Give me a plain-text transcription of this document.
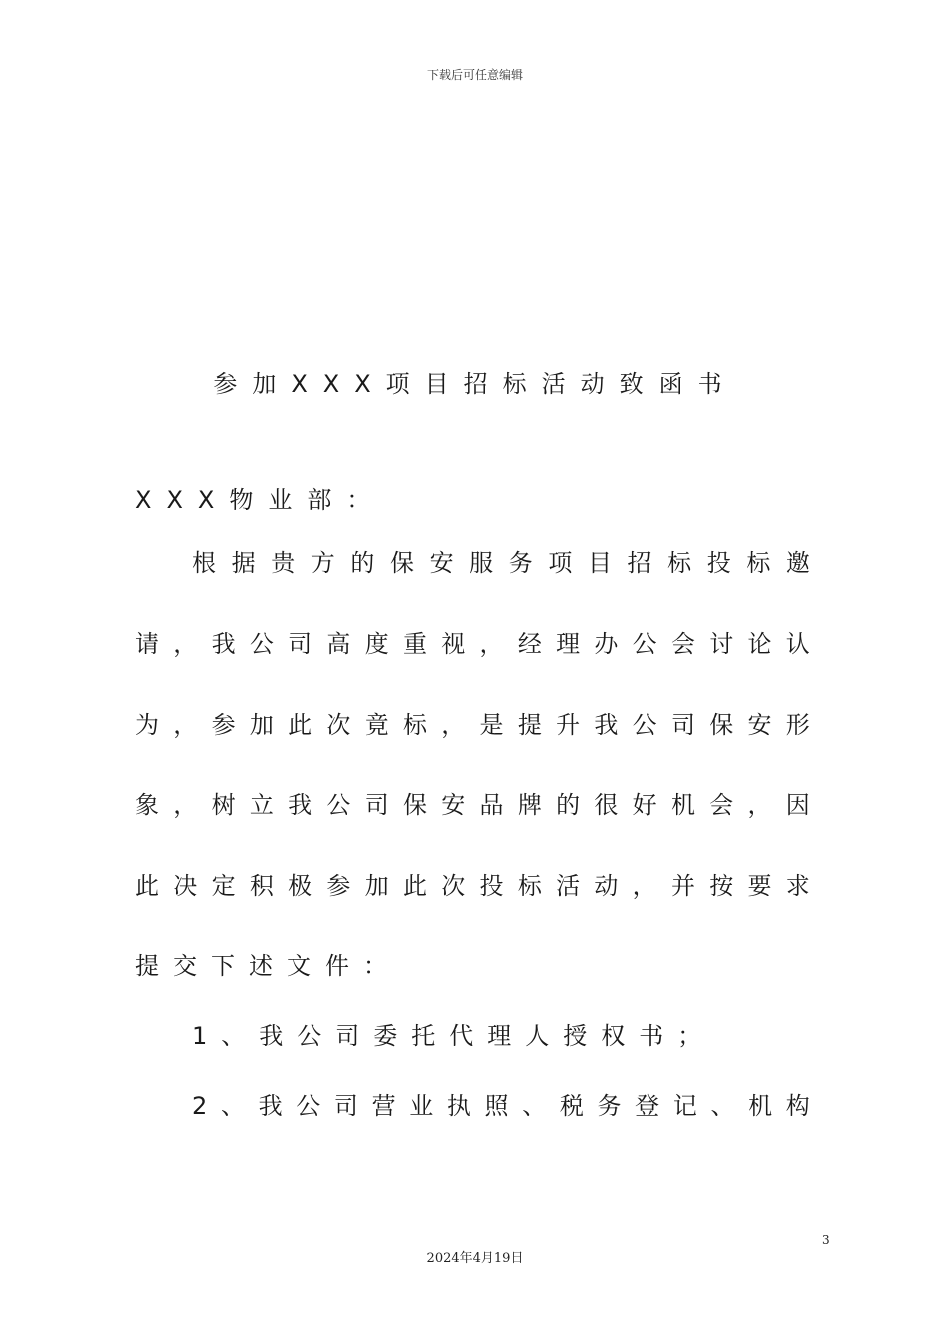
下载后可任意编辑
参加XXX项目招标活动致函书
XXX物业部：
根 据 贵 方 的 保 安 服 务 项 目 招 标 投 标 邀
请 ， 我 公 司 高 度 重 视 ， 经 理 办 公 会 讨 论 认
为 ， 参 加 此 次 竟 标 ， 是 提 升 我 公 司 保 安 形
象 ， 树 立 我 公 司 保 安 品 牌 的 很 好 机 会 ， 因
此 决 定 积 极 参 加 此 次 投 标 活 动 ， 并 按 要 求
提交下述文件：
1、我公司委托代理人授权书；
2 、 我 公 司 营 业 执 照 、 税 务 登 记 、 机 构
3
2024年4月19日
